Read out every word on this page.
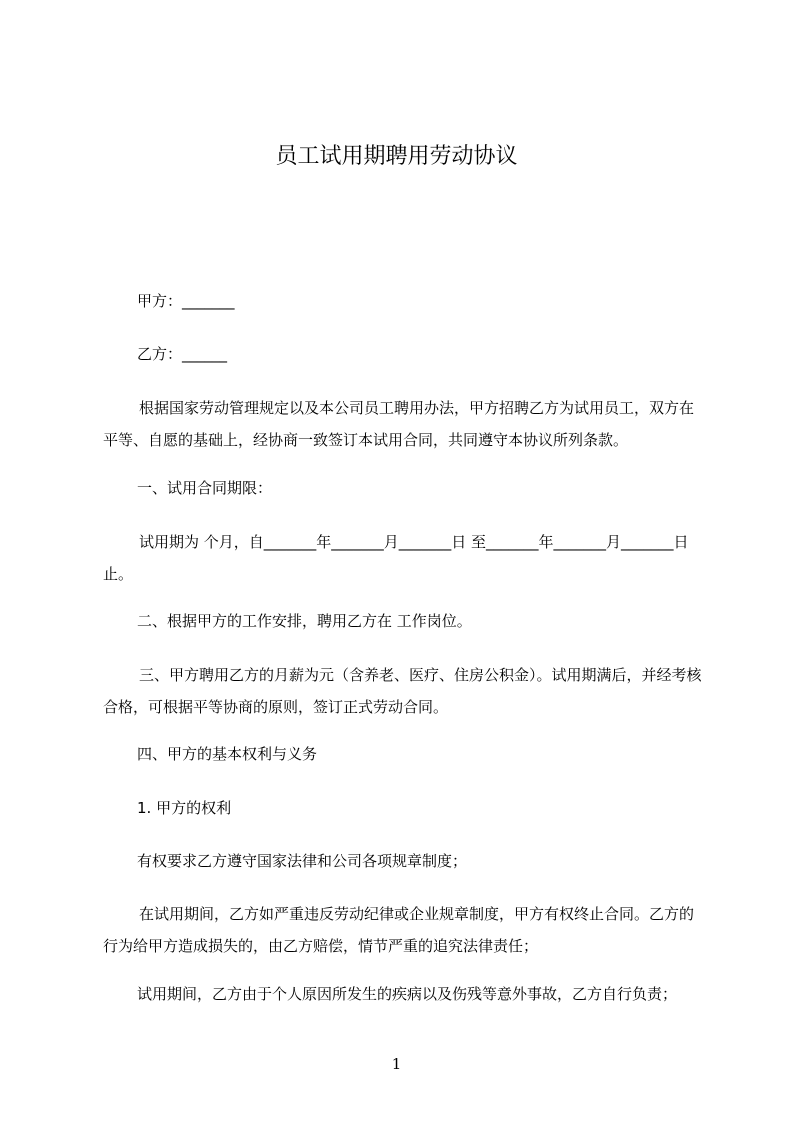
员工试用期聘用劳动协议

甲方：_______

乙方：______

根据国家劳动管理规定以及本公司员工聘用办法，甲方招聘乙方为试用员工，双方在平等、自愿的基础上，经协商一致签订本试用合同，共同遵守本协议所列条款。

一、试用合同期限：

试用期为 个月，自_______年_______月_______日 至_______年_______月_______日 止。

二、根据甲方的工作安排，聘用乙方在 工作岗位。

三、甲方聘用乙方的月薪为元（含养老、医疗、住房公积金）。试用期满后，并经考核合格，可根据平等协商的原则，签订正式劳动合同。

四、甲方的基本权利与义务

1. 甲方的权利

有权要求乙方遵守国家法律和公司各项规章制度；

在试用期间，乙方如严重违反劳动纪律或企业规章制度，甲方有权终止合同。乙方的行为给甲方造成损失的，由乙方赔偿，情节严重的追究法律责任；

试用期间，乙方由于个人原因所发生的疾病以及伤残等意外事故，乙方自行负责；

1
